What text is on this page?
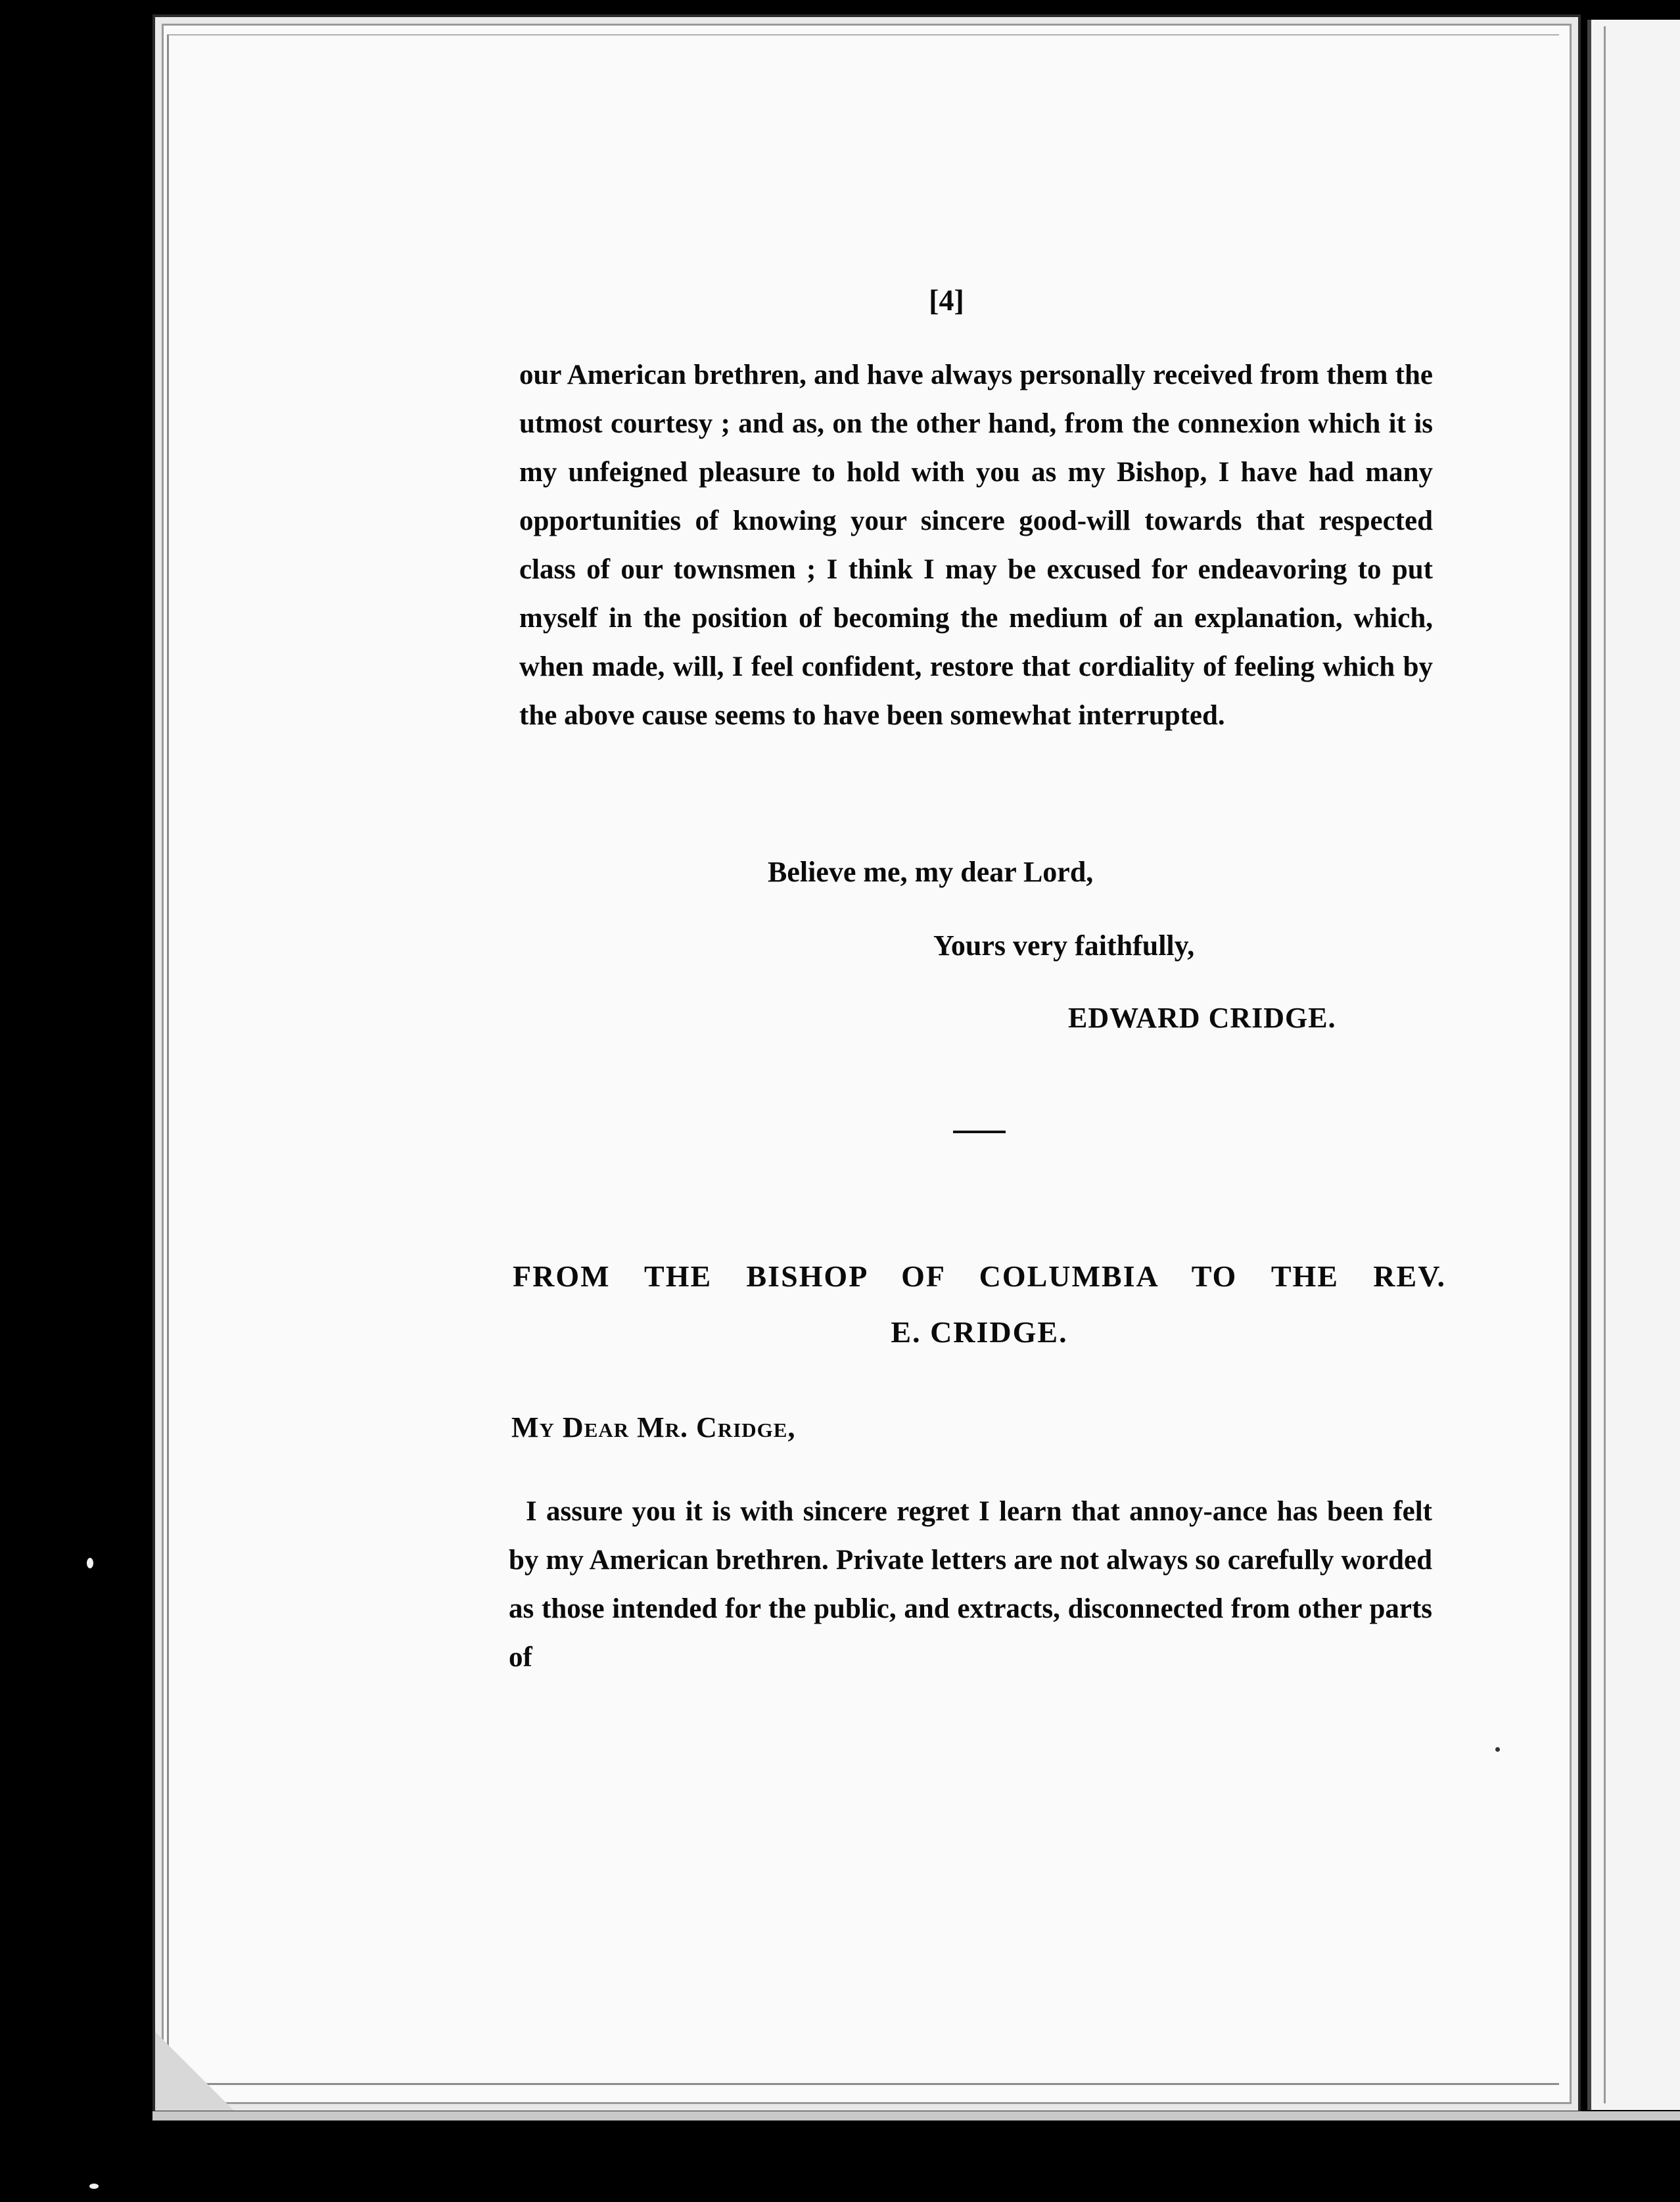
[4]
our American brethren, and have always personally received from them the utmost courtesy ; and as, on the other hand, from the connexion which it is my unfeigned pleasure to hold with you as my Bishop, I have had many opportunities of knowing your sincere good-will towards that respected class of our townsmen ; I think I may be excused for endeavoring to put myself in the position of becoming the medium of an explanation, which, when made, will, I feel confident, restore that cordiality of feeling which by the above cause seems to have been somewhat interrupted.
Believe me, my dear Lord,
Yours very faithfully,
EDWARD CRIDGE.
FROM THE BISHOP OF COLUMBIA TO THE REV.
E. CRIDGE.
My Dear Mr. Cridge,
I assure you it is with sincere regret I learn that annoy-ance has been felt by my American brethren. Private letters are not always so carefully worded as those intended for the public, and extracts, disconnected from other parts of
